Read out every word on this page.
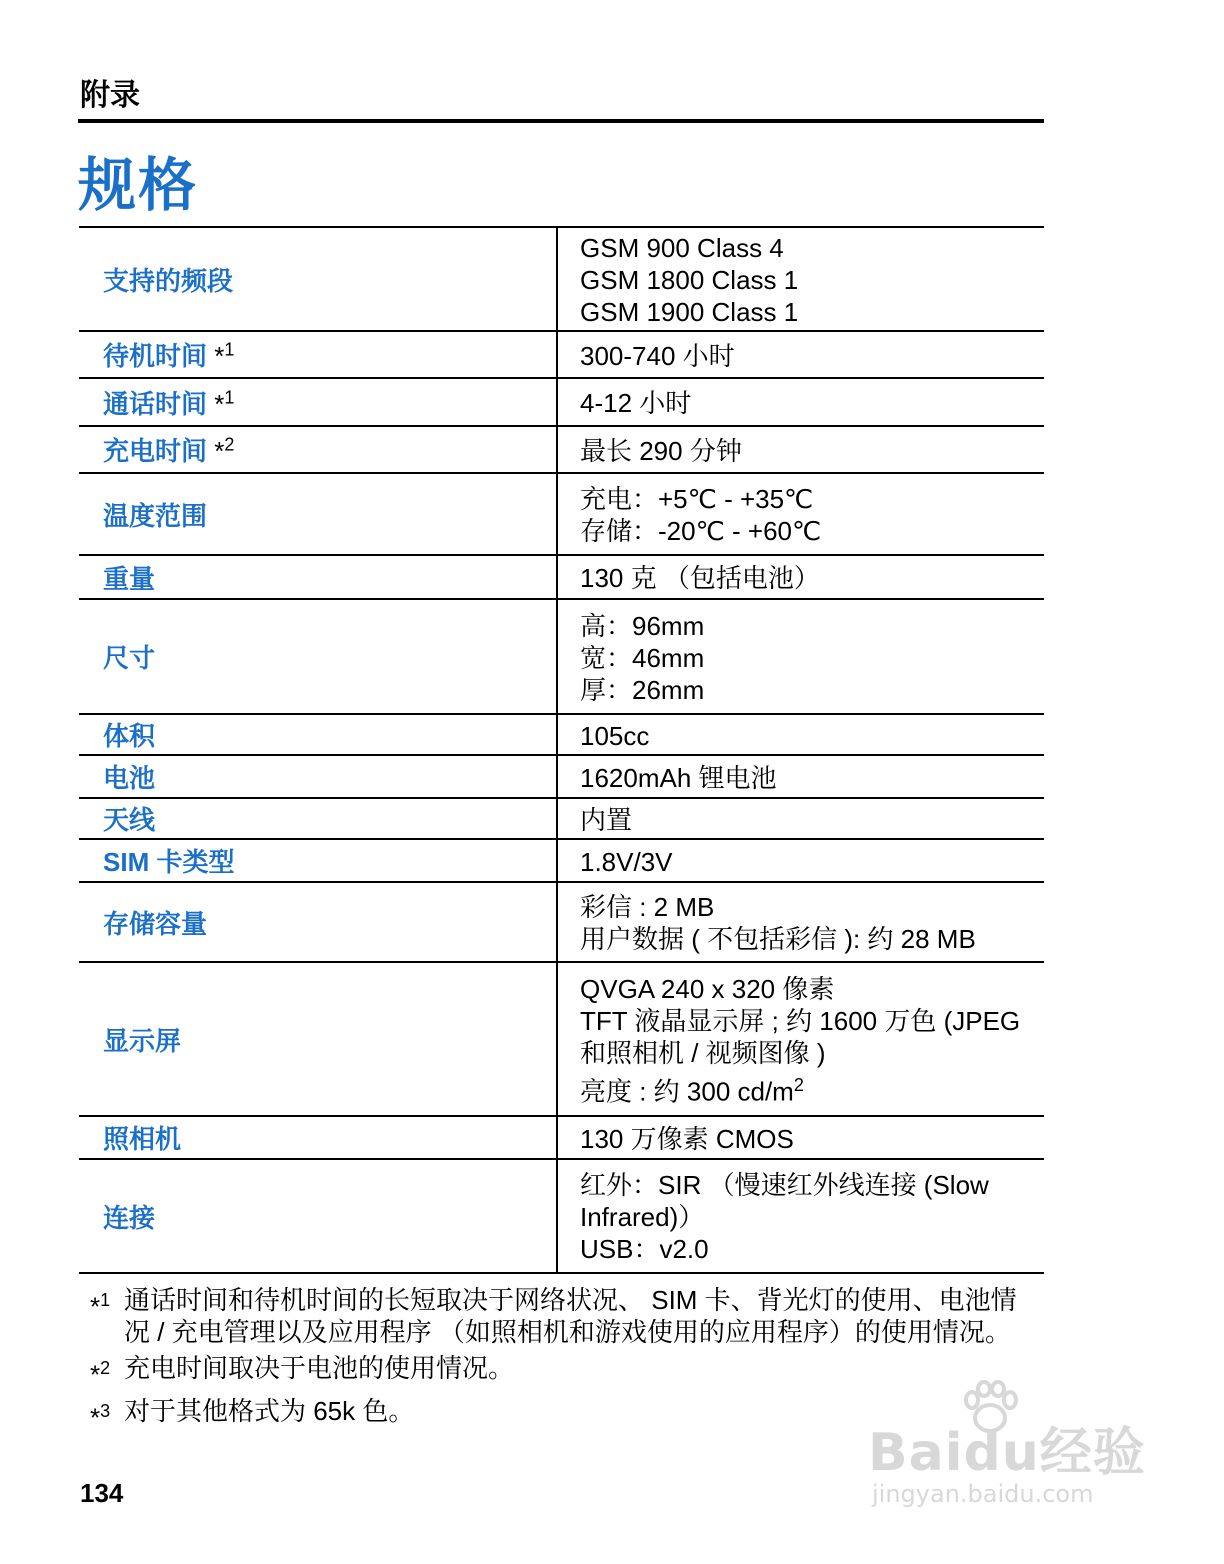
附录
规格
支持的频段	GSM 900 Class 4
GSM 1800 Class 1
GSM 1900 Class 1

待机时间 *$^1$	300-740 小时

通话时间 *$^1$	4-12 小时

充电时间 *$^2$	最长 290 分钟

温度范围	充电：+5℃ - +35℃
存储：-20℃ - +60℃

重量	130 克 （包括电池）

尺寸	高：96mm
宽：46mm
厚：26mm

体积	105cc

电池	1620mAh 锂电池

天线	内置

SIM 卡类型	1.8V/3V

存储容量	彩信 : 2 MB
用户数据 ( 不包括彩信 ): 约 28 MB

显示屏	QVGA 240 x 320 像素
TFT 液晶显示屏 ; 约 1600 万色 (JPEG
和照相机 / 视频图像 )
亮度 : 约 300 $cd/m^2$

照相机	130 万像素 CMOS

连接	红外：SIR （慢速红外线连接 (Slow
Infrared)）
USB：v2.0
*$^1$ 通话时间和待机时间的长短取决于网络状况、 SIM 卡、背光灯的使用、电池情况 / 充电管理以及应用程序 （如照相机和游戏使用的应用程序）的使用情况。
*$^2$ 充电时间取决于电池的使用情况。
*$^3$ 对于其他格式为 65k 色。
134
Baidu经验
jingyan.baidu.com
